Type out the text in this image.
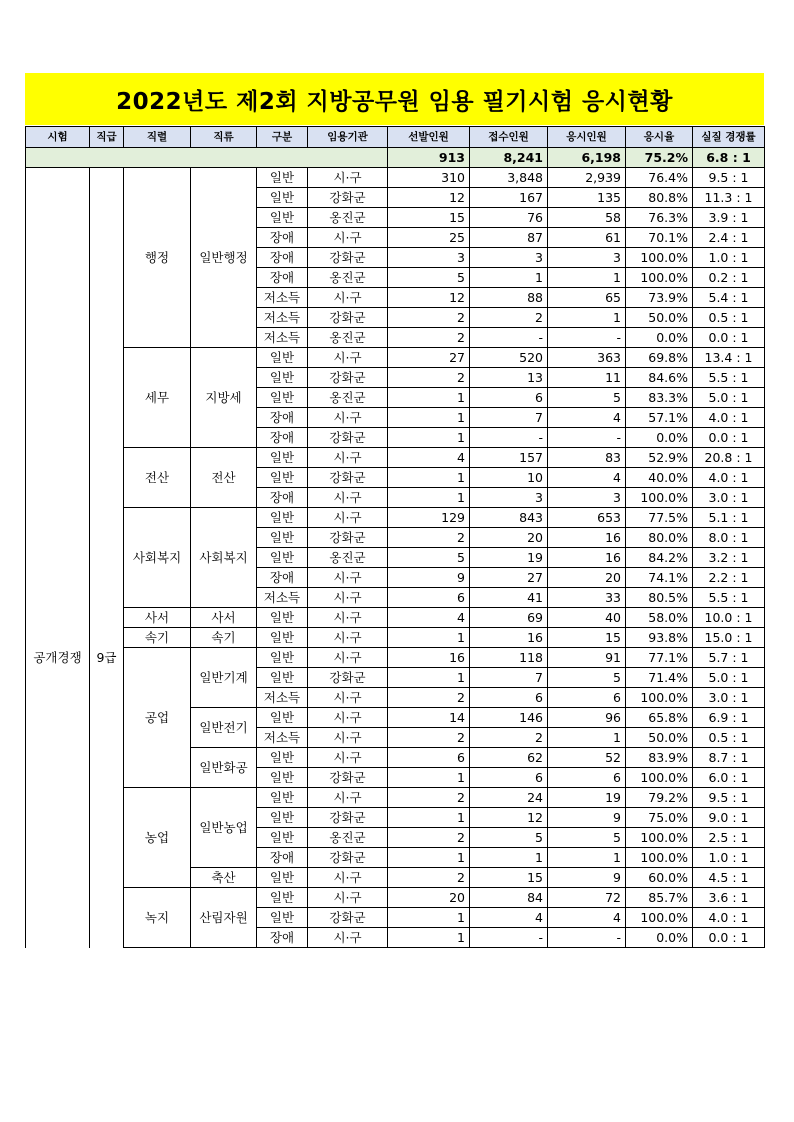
2022년도 제2회 지방공무원 임용 필기시험 응시현황
시험	직급	직렬	직류	구분	임용기관	선발인원	접수인원	응시인원	응시율	실질 경쟁률
						913	8,241	6,198	75.2%	6.8 : 1
공개경쟁	9급	행정	일반행정	일반	시·구	310	3,848	2,939	76.4%	9.5 : 1
				일반	강화군	12	167	135	80.8%	11.3 : 1
				일반	옹진군	15	76	58	76.3%	3.9 : 1
				장애	시·구	25	87	61	70.1%	2.4 : 1
				장애	강화군	3	3	3	100.0%	1.0 : 1
				장애	옹진군	5	1	1	100.0%	0.2 : 1
				저소득	시·구	12	88	65	73.9%	5.4 : 1
				저소득	강화군	2	2	1	50.0%	0.5 : 1
				저소득	옹진군	2	-	-	0.0%	0.0 : 1
		세무	지방세	일반	시·구	27	520	363	69.8%	13.4 : 1
				일반	강화군	2	13	11	84.6%	5.5 : 1
				일반	옹진군	1	6	5	83.3%	5.0 : 1
				장애	시·구	1	7	4	57.1%	4.0 : 1
				장애	강화군	1	-	-	0.0%	0.0 : 1
		전산	전산	일반	시·구	4	157	83	52.9%	20.8 : 1
				일반	강화군	1	10	4	40.0%	4.0 : 1
				장애	시·구	1	3	3	100.0%	3.0 : 1
		사회복지	사회복지	일반	시·구	129	843	653	77.5%	5.1 : 1
				일반	강화군	2	20	16	80.0%	8.0 : 1
				일반	옹진군	5	19	16	84.2%	3.2 : 1
				장애	시·구	9	27	20	74.1%	2.2 : 1
				저소득	시·구	6	41	33	80.5%	5.5 : 1
		사서	사서	일반	시·구	4	69	40	58.0%	10.0 : 1
		속기	속기	일반	시·구	1	16	15	93.8%	15.0 : 1
		공업	일반기계	일반	시·구	16	118	91	77.1%	5.7 : 1
				일반	강화군	1	7	5	71.4%	5.0 : 1
				저소득	시·구	2	6	6	100.0%	3.0 : 1
			일반전기	일반	시·구	14	146	96	65.8%	6.9 : 1
				저소득	시·구	2	2	1	50.0%	0.5 : 1
			일반화공	일반	시·구	6	62	52	83.9%	8.7 : 1
				일반	강화군	1	6	6	100.0%	6.0 : 1
		농업	일반농업	일반	시·구	2	24	19	79.2%	9.5 : 1
				일반	강화군	1	12	9	75.0%	9.0 : 1
				일반	옹진군	2	5	5	100.0%	2.5 : 1
				장애	강화군	1	1	1	100.0%	1.0 : 1
			축산	일반	시·구	2	15	9	60.0%	4.5 : 1
		녹지	산림자원	일반	시·구	20	84	72	85.7%	3.6 : 1
				일반	강화군	1	4	4	100.0%	4.0 : 1
				장애	시·구	1	-	-	0.0%	0.0 : 1
